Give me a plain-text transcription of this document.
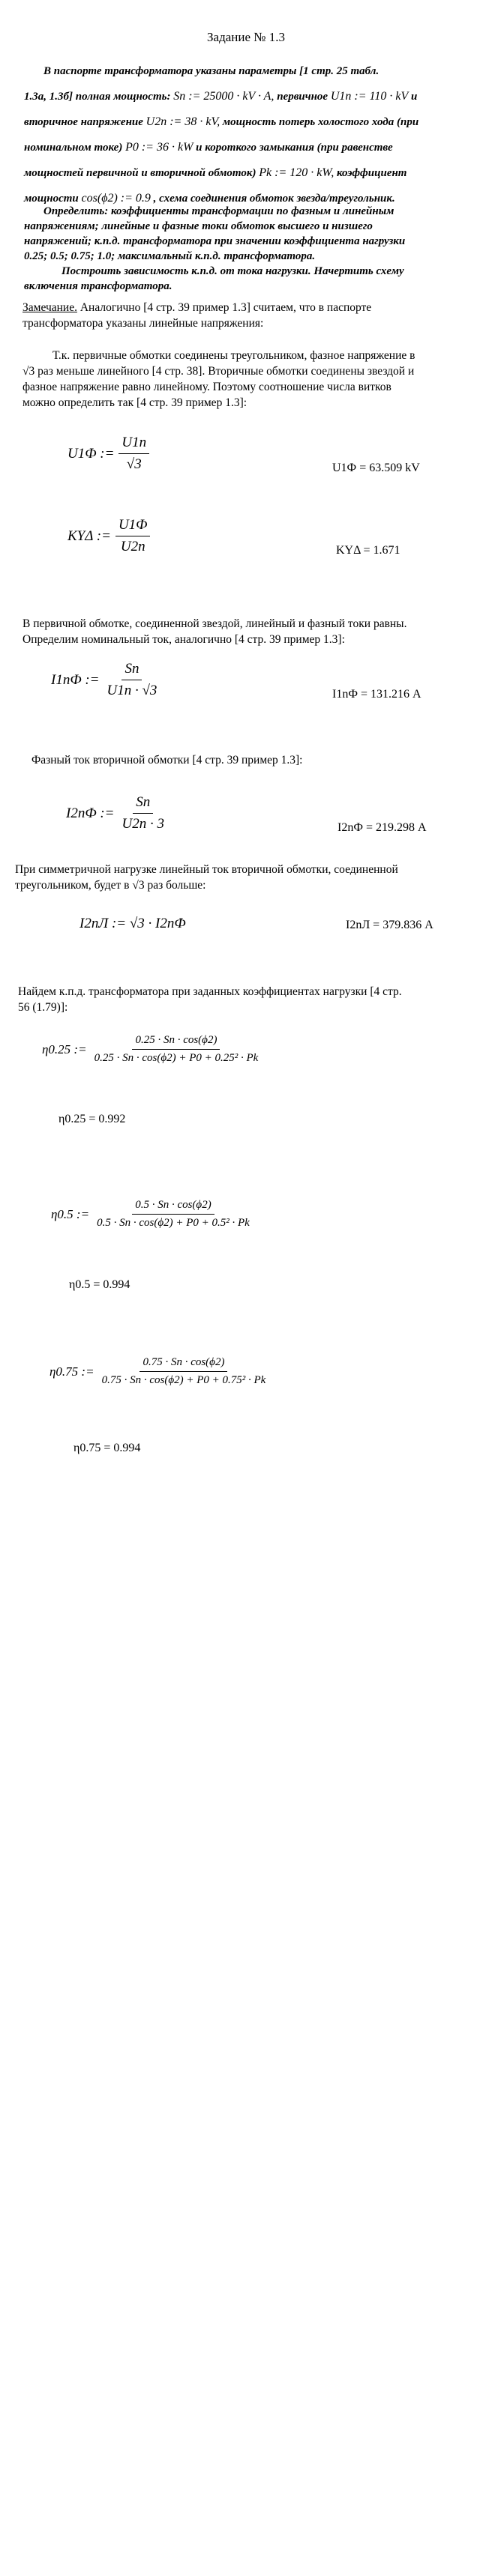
Задание № 1.3
В паспорте трансформатора указаны параметры [1 стр. 25 табл.
1.3а, 1.3б] полная мощность: Sn := 25000 · kV · A, первичное U1n := 110 · kV и
вторичное напряжение U2n := 38 · kV, мощность потерь холостого хода (при
номинальном токе) P0 := 36 · kW и короткого замыкания (при равенстве
мощностей первичной и вторичной обмоток) Pk := 120 · kW, коэффициент
мощности cos(ϕ2) := 0.9 , схема соединения обмоток звезда/треугольник.
Определить: коэффициенты трансформации по фазным и линейным
напряжениям; линейные и фазные токи обмоток высшего и низшего
напряжений; к.п.д. трансформатора при значении коэффициента нагрузки
0.25; 0.5; 0.75; 1.0; максимальный к.п.д. трансформатора.
Построить зависимость к.п.д. от тока нагрузки. Начертить схему
включения трансформатора.
Замечание. Аналогично [4 стр. 39 пример 1.3] считаем, что в паспорте
трансформатора указаны линейные напряжения:
Т.к. первичные обмотки соединены треугольником, фазное напряжение в
√3 раз меньше линейного [4 стр. 38]. Вторичные обмотки соединены звездой и
фазное напряжение равно линейному. Поэтому соотношение числа витков
можно определить так [4 стр. 39 пример 1.3]:
U1Ф := $\frac{U1n}{√3}$	U1Ф = 63.509 kV
KYΔ := $\frac{U1Ф}{U2n}$	KYΔ = 1.671
В первичной обмотке, соединенной звездой, линейный и фазный токи равны.
Определим номинальный ток, аналогично [4 стр. 39 пример 1.3]:
I1nФ := $\frac{Sn}{U1n \cdot √3}$	I1nФ = 131.216 A
Фазный ток вторичной обмотки [4 стр. 39 пример 1.3]:
I2nФ := $\frac{Sn}{U2n \cdot 3}$	I2nФ = 219.298 A
При симметричной нагрузке линейный ток вторичной обмотки, соединенной
треугольником, будет в √3 раз больше:
I2nЛ := √3 · I2nФ	I2nЛ = 379.836 A
Найдем к.п.д. трансформатора при заданных коэффициентах нагрузки [4 стр.
56 (1.79)]:
η0.25 := $\frac{0.25 \cdot Sn \cdot \cos(\phi 2)}{\text{0.25 · Sn · cos(ϕ2) + P0 + 0.25² · Pk}}$
η0.25 = 0.992
η0.5 := $\frac{0.5 \cdot Sn \cdot \cos(\phi 2)}{\text{0.5 · Sn · cos(ϕ2) + P0 + 0.5² · Pk}}$
η0.5 = 0.994
η0.75 := $\frac{0.75 \cdot Sn \cdot \cos(\phi 2)}{\text{0.75 · Sn · cos(ϕ2) + P0 + 0.75² · Pk}}$
η0.75 = 0.994
